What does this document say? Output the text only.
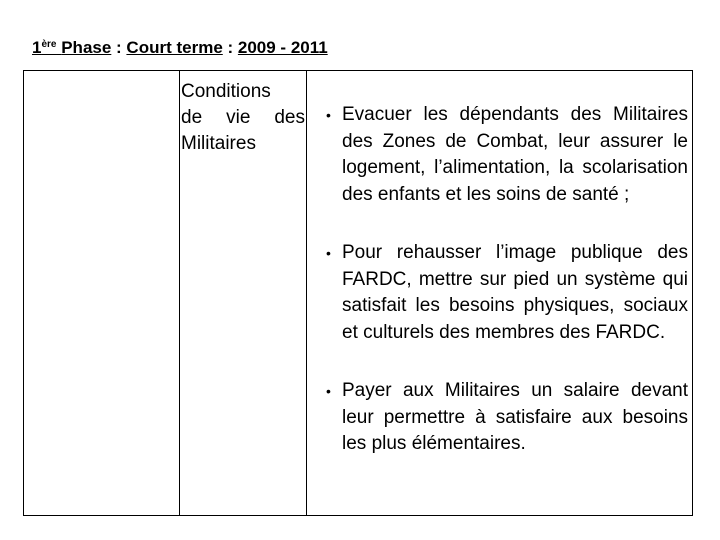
1ère Phase : Court terme : 2009 - 2011
Conditions
de vie des
Militaires
• Evacuer les dépendants des Militaires des Zones de Combat, leur assurer le logement, l’alimentation, la scolarisation des enfants et les soins de santé ;
• Pour rehausser l’image publique des FARDC, mettre sur pied un système qui satisfait les besoins physiques, sociaux et culturels des membres des FARDC.
• Payer aux Militaires un salaire devant leur permettre à satisfaire aux besoins les plus élémentaires.
